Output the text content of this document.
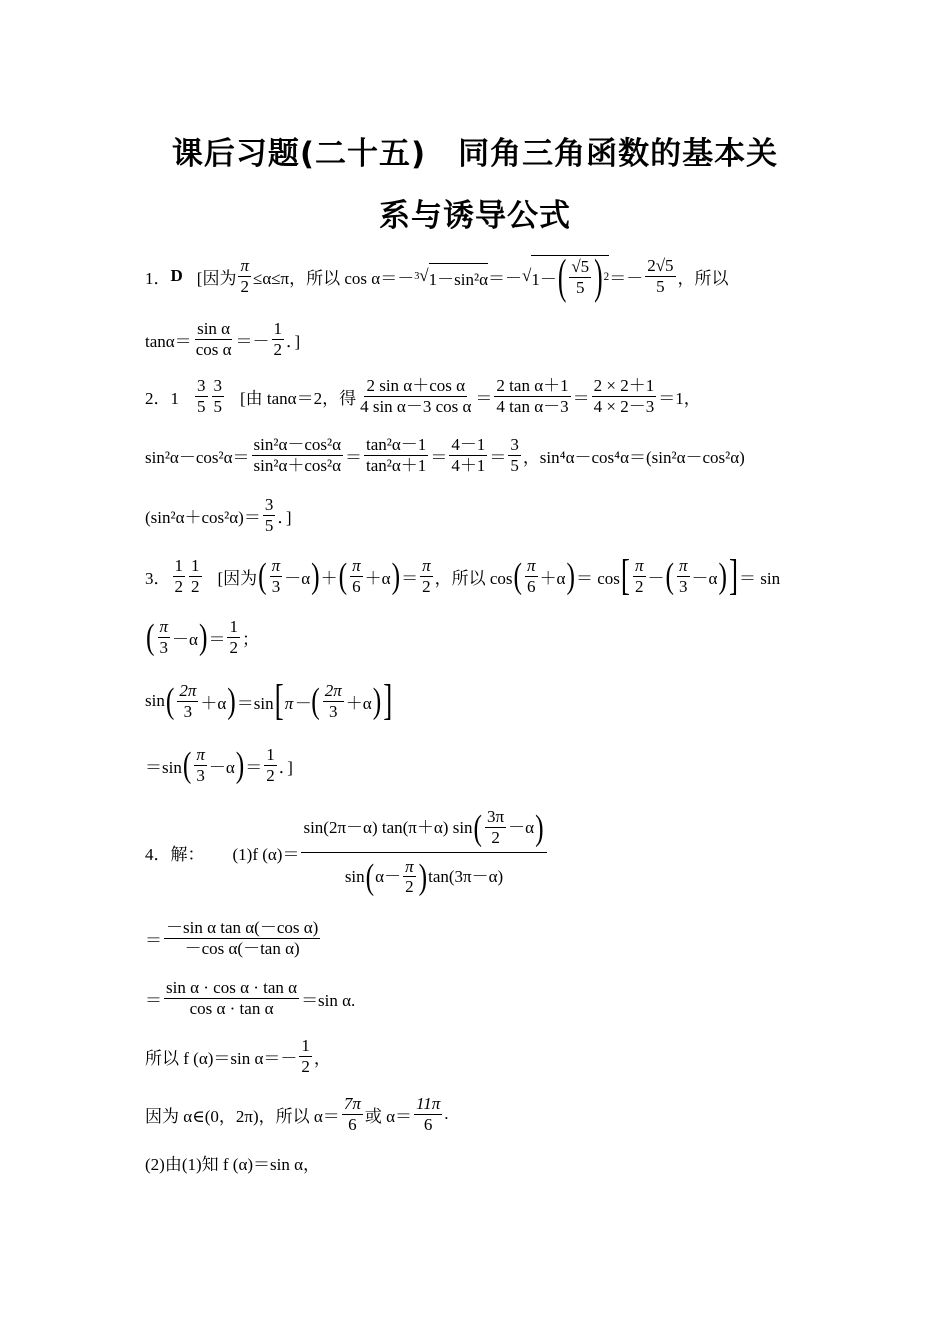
课后习题(二十五)　同角三角函数的基本关
系与诱导公式
1． D [因为 $\frac{\pi}{2} \le\alpha\le\pi$，所以 cos α＝－ 3 √ 1－sin²α ＝－ √ 1－ ( $\frac{√5}{5}$ ) $2 =- \frac{2√5}{5}$ ，所以
$\tan\alpha= \frac{\text{sin α}}{\text{cos α}} =- \frac{1}{2}$ ．]
2．$1 \frac{3}{5} \frac{3}{5}$ [由 tanα＝2，得 $\frac{\text{2 sin α＋cos α}}{\text{4 sin α－3 cos α}} = \frac{\text{2 tan α＋1}}{\text{4 tan α－3}} = \frac{2 \times 2+1}{4 \times 2-3} =1$，
$\sin^2\alpha-\cos^2\alpha= \frac{\text{sin²α－cos²α}}{\text{sin²α＋cos²α}} = \frac{\text{tan²α－1}}{\text{tan²α＋1}} = \frac{4-1}{4+1} = \frac{3}{5}$ ，sin⁴α－cos⁴α＝(sin²α－cos²α)
$(\sin^2\alpha+\cos^2\alpha)= \frac{3}{5}$ ．]
3． $\frac{1}{2} \frac{1}{2}$ [因为 ( $\frac{\pi}{3} -\alpha$ ) ＋ ( $\frac{\pi}{6} +\alpha$ ) ＝ $\frac{\pi}{2}$ ，所以 cos ( $\frac{\pi}{6} +\alpha$ ) ＝ cos [ $\frac{\pi}{2}$ － ( $\frac{\pi}{3} -\alpha$ ) ] ＝ sin
( $\frac{\pi}{3} -\alpha$ ) ＝ $\frac{1}{2}$ ；
sin ( $\frac{2\pi}{3} +\alpha$ ) ＝sin [ π－ ( $\frac{2\pi}{3} +\alpha$ ) ]
＝sin ( $\frac{\pi}{3} -\alpha$ ) ＝ $\frac{1}{2}$ ．]
4．解： (1)f $(\alpha)= \frac{\sin(2\pi-\alpha) \tan(\pi+\alpha) \sin ( \frac{3\pi}{2} -\alpha )}{\sin ( \alpha- \frac{\pi}{2} ) \tan(3\pi-\alpha)}$
＝ $\frac{\text{－sin α tan α(－cos α)}}{\text{－cos α(－tan α)}}$
＝ $\frac{\text{sin α · cos α · tan α}}{\text{cos α · tan α}} =\sin$ α.
所以 f (α)＝sin $\alpha=- \frac{1}{2}$ ，
因为 α∈(0，2π)，所以 $\alpha= \frac{7\pi}{6}$ 或 $\alpha= \frac{11\pi}{6}$ .
(2)由(1)知 f (α)＝sin α，
